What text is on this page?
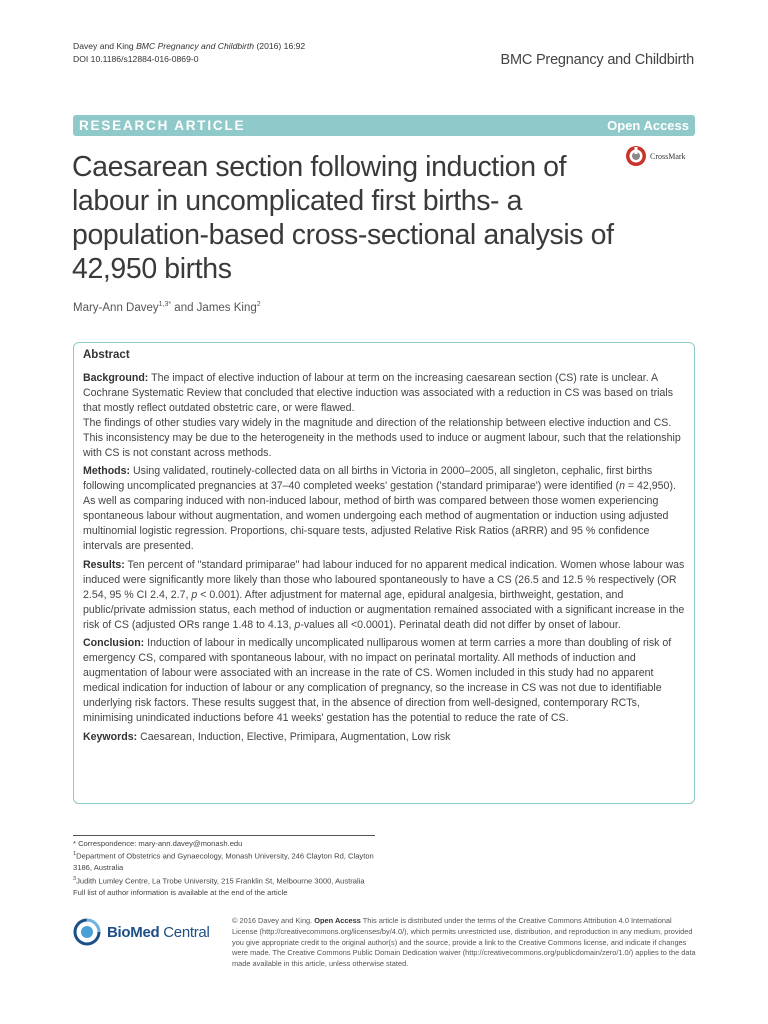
Davey and King BMC Pregnancy and Childbirth (2016) 16:92
DOI 10.1186/s12884-016-0869-0	BMC Pregnancy and Childbirth
RESEARCH ARTICLE	Open Access
Caesarean section following induction of labour in uncomplicated first births- a population-based cross-sectional analysis of 42,950 births
CrossMark
Mary-Ann Davey$^{1,3*}$ and James King$^2$
Abstract

Background: The impact of elective induction of labour at term on the increasing caesarean section (CS) rate is unclear. A Cochrane Systematic Review that concluded that elective induction was associated with a reduction in CS was based on trials that mostly reflect outdated obstetric care, or were flawed.
The findings of other studies vary widely in the magnitude and direction of the relationship between elective induction and CS. This inconsistency may be due to the heterogeneity in the methods used to induce or augment labour, such that the relationship with CS is not constant across methods.

Methods: Using validated, routinely-collected data on all births in Victoria in 2000–2005, all singleton, cephalic, first births following uncomplicated pregnancies at 37–40 completed weeks' gestation ('standard primiparae') were identified (n = 42,950). As well as comparing induced with non-induced labour, method of birth was compared between those women experiencing spontaneous labour without augmentation, and women undergoing each method of augmentation or induction using adjusted multinomial logistic regression. Proportions, chi-square tests, adjusted Relative Risk Ratios (aRRR) and 95 % confidence intervals are presented.

Results: Ten percent of "standard primiparae" had labour induced for no apparent medical indication. Women whose labour was induced were significantly more likely than those who laboured spontaneously to have a CS (26.5 and 12.5 % respectively (OR 2.54, 95 % CI 2.4, 2.7, p < 0.001). After adjustment for maternal age, epidural analgesia, birthweight, gestation, and public/private admission status, each method of induction or augmentation remained associated with a significant increase in the risk of CS (adjusted ORs range 1.48 to 4.13, p-values all <0.0001). Perinatal death did not differ by onset of labour.

Conclusion: Induction of labour in medically uncomplicated nulliparous women at term carries a more than doubling of risk of emergency CS, compared with spontaneous labour, with no impact on perinatal mortality. All methods of induction and augmentation of labour were associated with an increase in the rate of CS. Women included in this study had no apparent medical indication for induction of labour or any complication of pregnancy, so the increase in CS was not due to identifiable underlying risk factors. These results suggest that, in the absence of direction from well-designed, contemporary RCTs, minimising unindicated inductions before 41 weeks' gestation has the potential to reduce the rate of CS.

Keywords: Caesarean, Induction, Elective, Primipara, Augmentation, Low risk

* Correspondence: mary-ann.davey@monash.edu
$^1$Department of Obstetrics and Gynaecology, Monash University, 246 Clayton Rd, Clayton 3186, Australia
$^3$Judith Lumley Centre, La Trobe University, 215 Franklin St, Melbourne 3000, Australia
Full list of author information is available at the end of the article
BioMed Central
© 2016 Davey and King. Open Access This article is distributed under the terms of the Creative Commons Attribution 4.0 International License (http://creativecommons.org/licenses/by/4.0/), which permits unrestricted use, distribution, and reproduction in any medium, provided you give appropriate credit to the original author(s) and the source, provide a link to the Creative Commons license, and indicate if changes were made. The Creative Commons Public Domain Dedication waiver (http://creativecommons.org/publicdomain/zero/1.0/) applies to the data made available in this article, unless otherwise stated.
